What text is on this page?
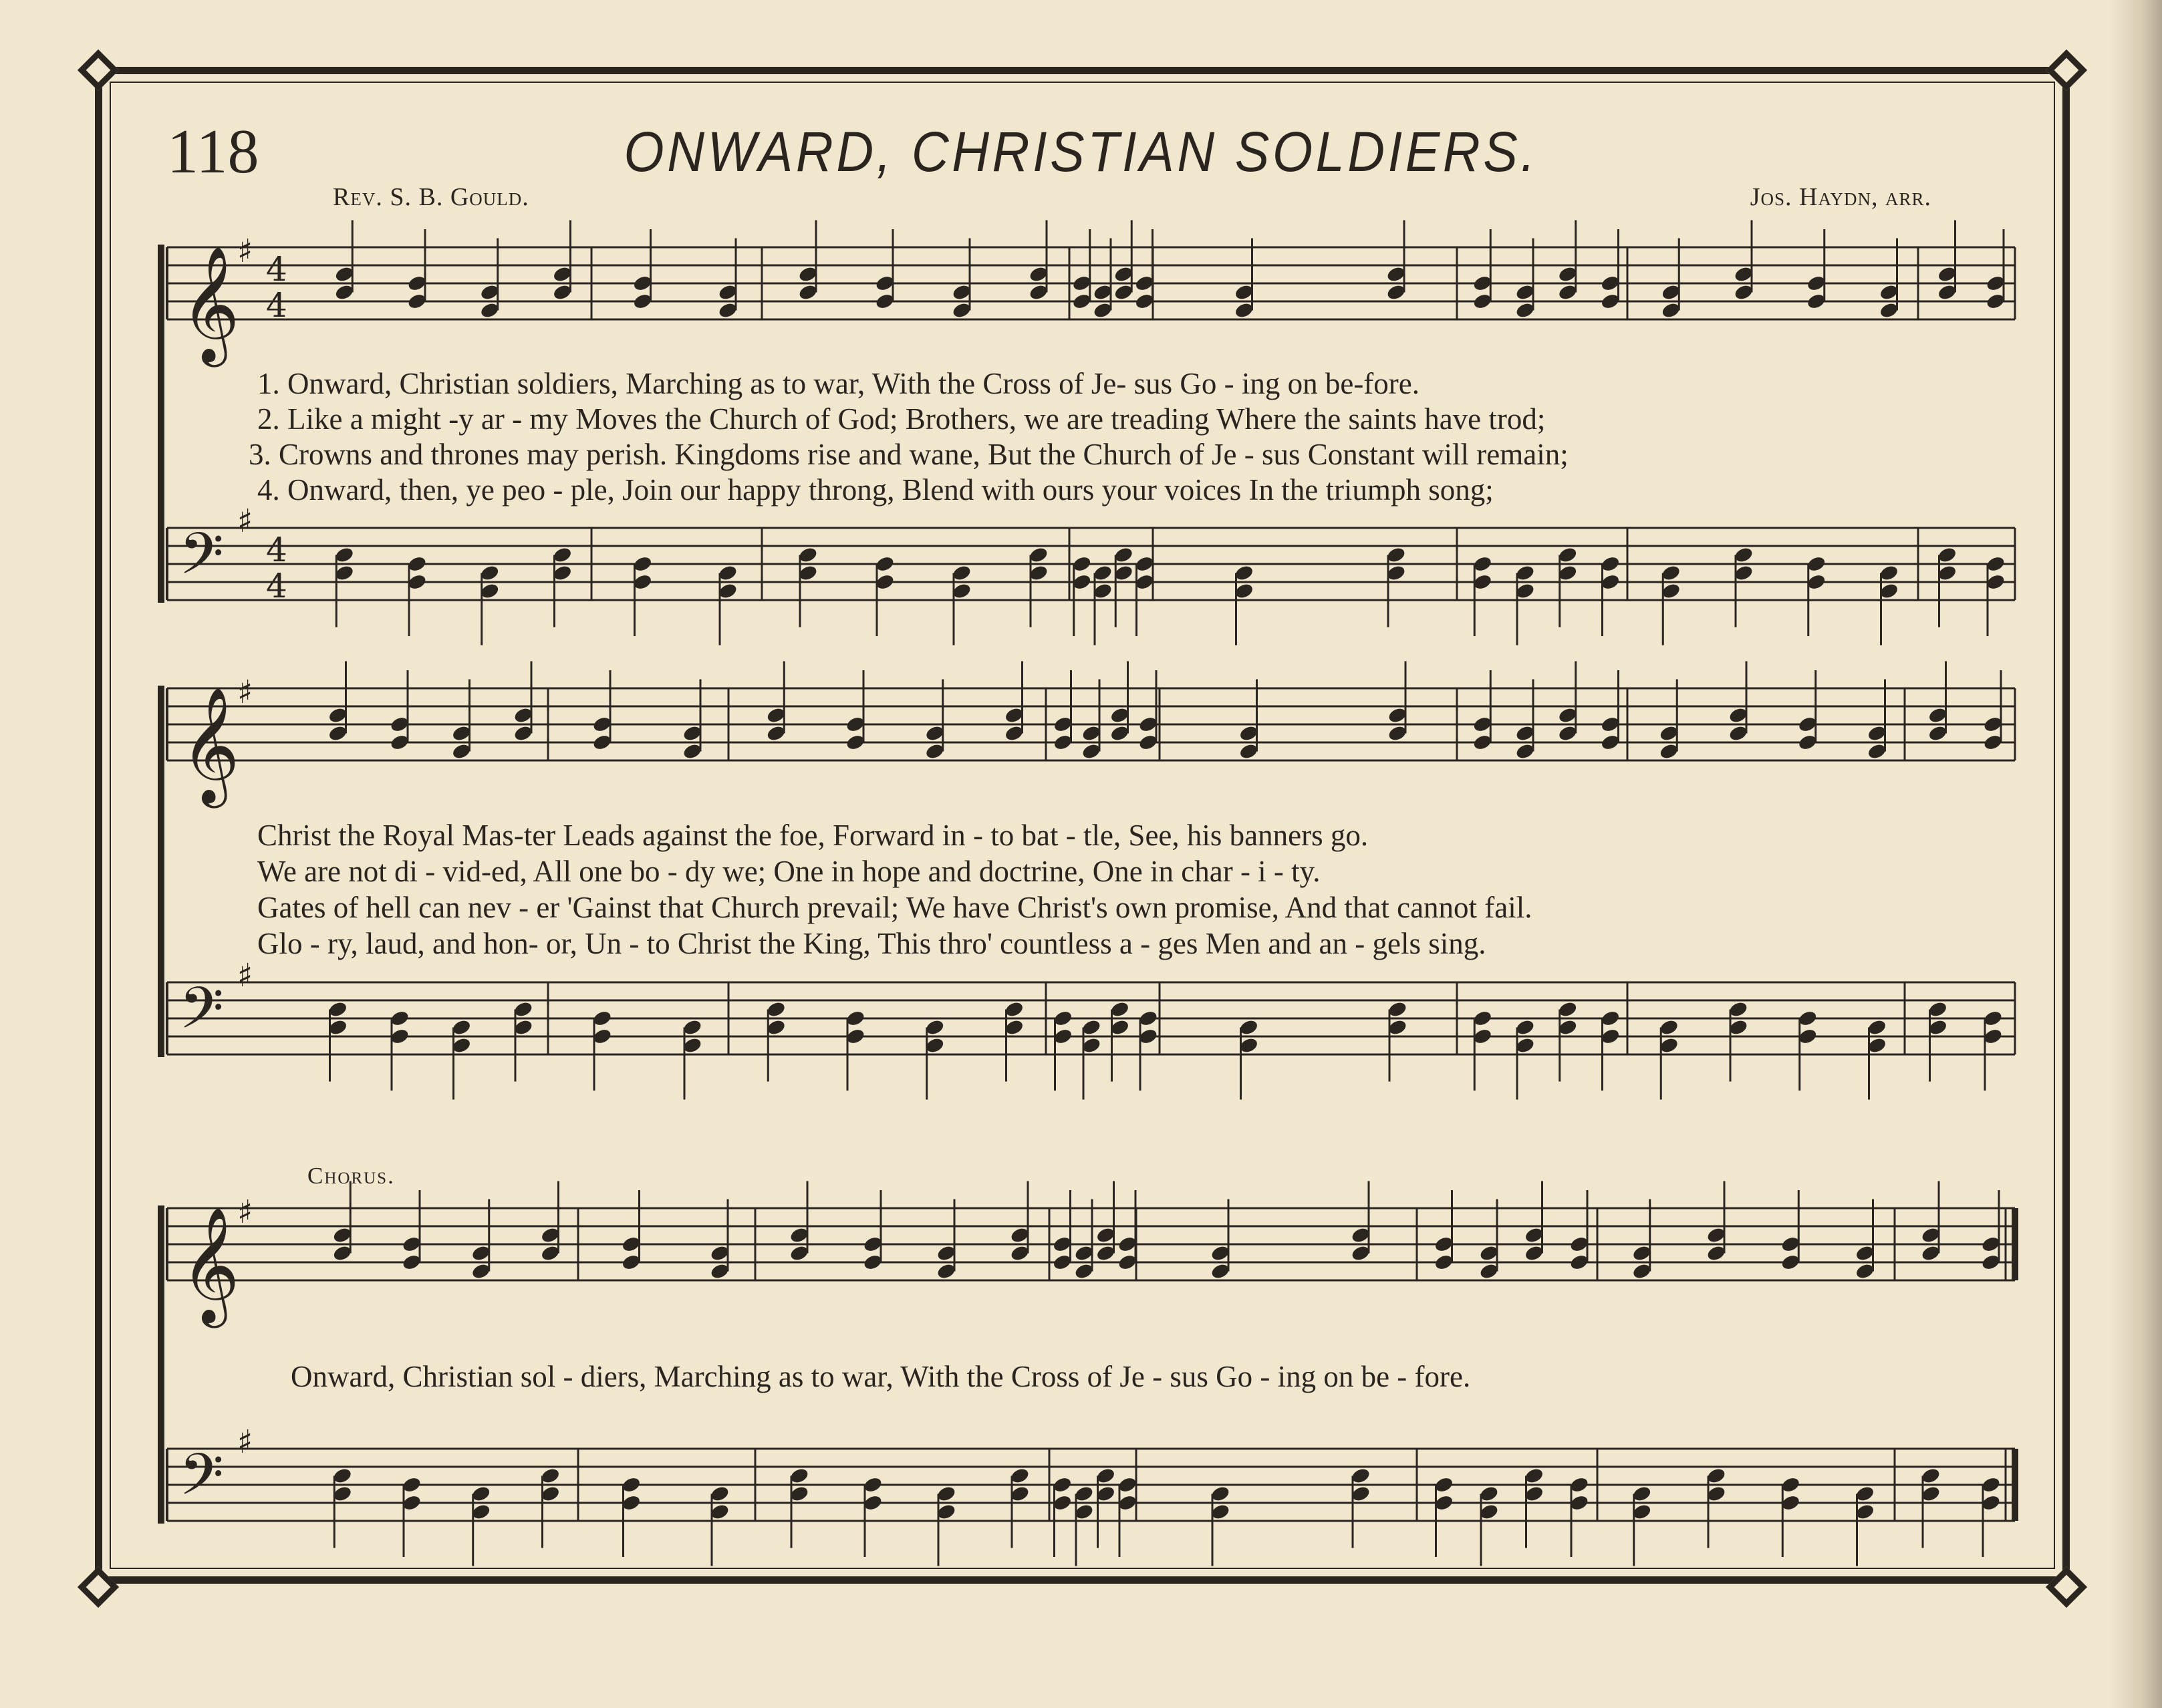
118	ONWARD, CHRISTIAN SOLDIERS.
Rev. S. B. Gould.	Jos. Haydn, arr.
𝄞
♯ 4
4
𝄢 ♯
4
4
𝄞
♯
𝄢 ♯
𝄞
♯
𝄢 ♯
1. Onward, Christian soldiers, Marching as to war, With the Cross of Je- sus Go - ing on be-fore.
2. Like a might -y ar - my Moves the Church of God; Brothers, we are treading Where the saints have trod;
3. Crowns and thrones may perish. Kingdoms rise and wane, But the Church of Je - sus Constant will remain;
4. Onward, then, ye peo - ple, Join our happy throng, Blend with ours your voices In the triumph song;
Christ the Royal Mas-ter Leads against the foe, Forward in - to bat - tle, See, his banners go.
We are not di - vid-ed, All one bo - dy we; One in hope and doctrine, One in char - i - ty.
Gates of hell can nev - er 'Gainst that Church prevail; We have Christ's own promise, And that cannot fail.
Glo - ry, laud, and hon- or, Un - to Christ the King, This thro' countless a - ges Men and an - gels sing.
Chorus.
Onward, Christian sol - diers, Marching as to war, With the Cross of Je - sus Go - ing on be - fore.
